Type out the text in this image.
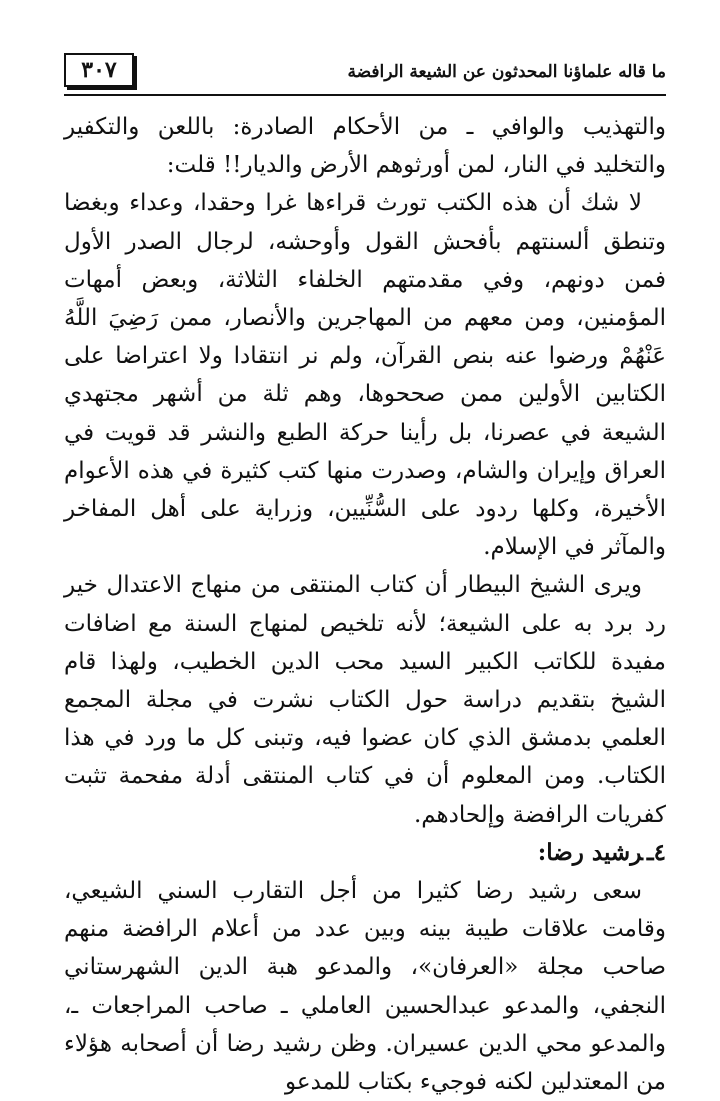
ما قاله علماؤنا المحدثون عن الشيعة الرافضة
٣٠٧

والتهذيب والوافي ـ من الأحكام الصادرة: باللعن والتكفير والتخليد في النار، لمن أورثوهم الأرض والديار!! قلت:

لا شك أن هذه الكتب تورث قراءها غرا وحقدا، وعداء وبغضا وتنطق ألسنتهم بأفحش القول وأوحشه، لرجال الصدر الأول فمن دونهم، وفي مقدمتهم الخلفاء الثلاثة، وبعض أمهات المؤمنين، ومن معهم من المهاجرين والأنصار، ممن رَضِيَ اللَّهُ عَنْهُمْ ورضوا عنه بنص القرآن، ولم نر انتقادا ولا اعتراضا على الكتابين الأولين ممن صححوها، وهم ثلة من أشهر مجتهدي الشيعة في عصرنا، بل رأينا حركة الطبع والنشر قد قويت في العراق وإيران والشام، وصدرت منها كتب كثيرة في هذه الأعوام الأخيرة، وكلها ردود على السُّنِّيين، وزراية على أهل المفاخر والمآثر في الإسلام.

ويرى الشيخ البيطار أن كتاب المنتقى من منهاج الاعتدال خير رد برد به على الشيعة؛ لأنه تلخيص لمنهاج السنة مع اضافات مفيدة للكاتب الكبير السيد محب الدين الخطيب، ولهذا قام الشيخ بتقديم دراسة حول الكتاب نشرت في مجلة المجمع العلمي بدمشق الذي كان عضوا فيه، وتبنى كل ما ورد في هذا الكتاب. ومن المعلوم أن في كتاب المنتقى أدلة مفحمة تثبت كفريات الرافضة وإلحادهم.

٤ـرشيد رضا:

سعى رشيد رضا كثيرا من أجل التقارب السني الشيعي، وقامت علاقات طيبة بينه وبين عدد من أعلام الرافضة منهم صاحب مجلة «العرفان»، والمدعو هبة الدين الشهرستاني النجفي، والمدعو عبدالحسين العاملي ـ صاحب المراجعات ـ، والمدعو محي الدين عسيران. وظن رشيد رضا أن أصحابه هؤلاء من المعتدلين لكنه فوجيء بكتاب للمدعو
